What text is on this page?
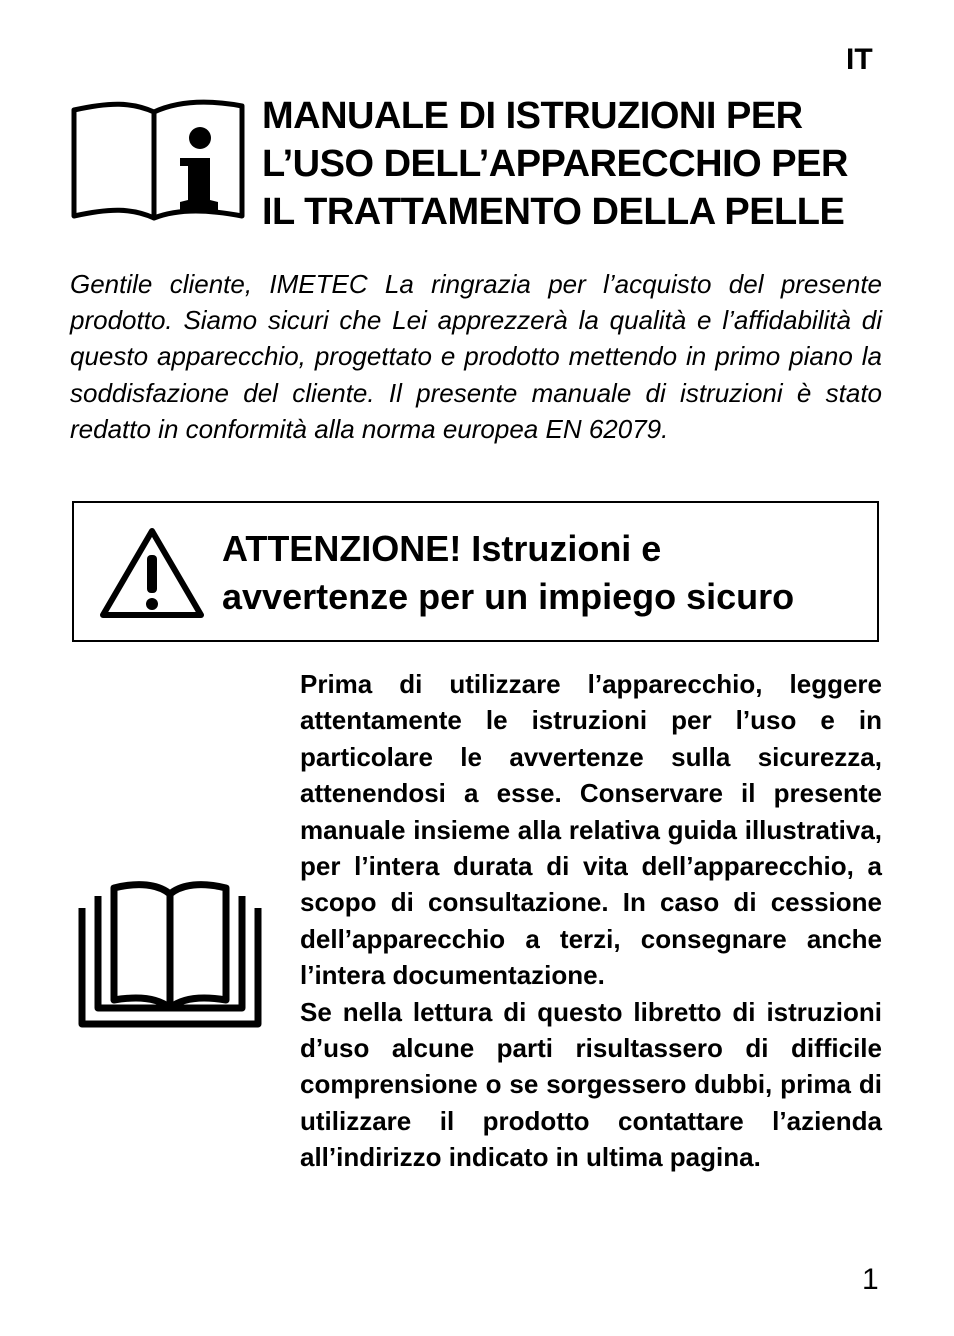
IT
MANUALE DI ISTRUZIONI PER
L’USO DELL’APPARECCHIO PER
IL TRATTAMENTO DELLA PELLE
Gentile cliente, IMETEC La ringrazia per l’acquisto del presente prodotto. Siamo sicuri che Lei apprezzerà la qualità e l’affidabilità di questo apparecchio, progettato e prodotto mettendo in primo piano la soddisfazione del cliente. Il presente manuale di istruzioni è stato redatto in conformità alla norma europea EN 62079.
ATTENZIONE! Istruzioni e
avvertenze per un impiego sicuro

Prima di utilizzare l’apparecchio, leggere attentamente le istruzioni per l’uso e in particolare le avvertenze sulla sicurezza, attenendosi a esse. Conservare il presente manuale insieme alla relativa guida illustrativa, per l’intera durata di vita dell’apparecchio, a scopo di consultazione. In caso di cessione dell’apparecchio a terzi, consegnare anche l’intera documentazione.

Se nella lettura di questo libretto di istruzioni d’uso alcune parti risultassero di difficile comprensione o se sorgessero dubbi, prima di utilizzare il prodotto contattare l’azienda all’indirizzo indicato in ultima pagina.

1
